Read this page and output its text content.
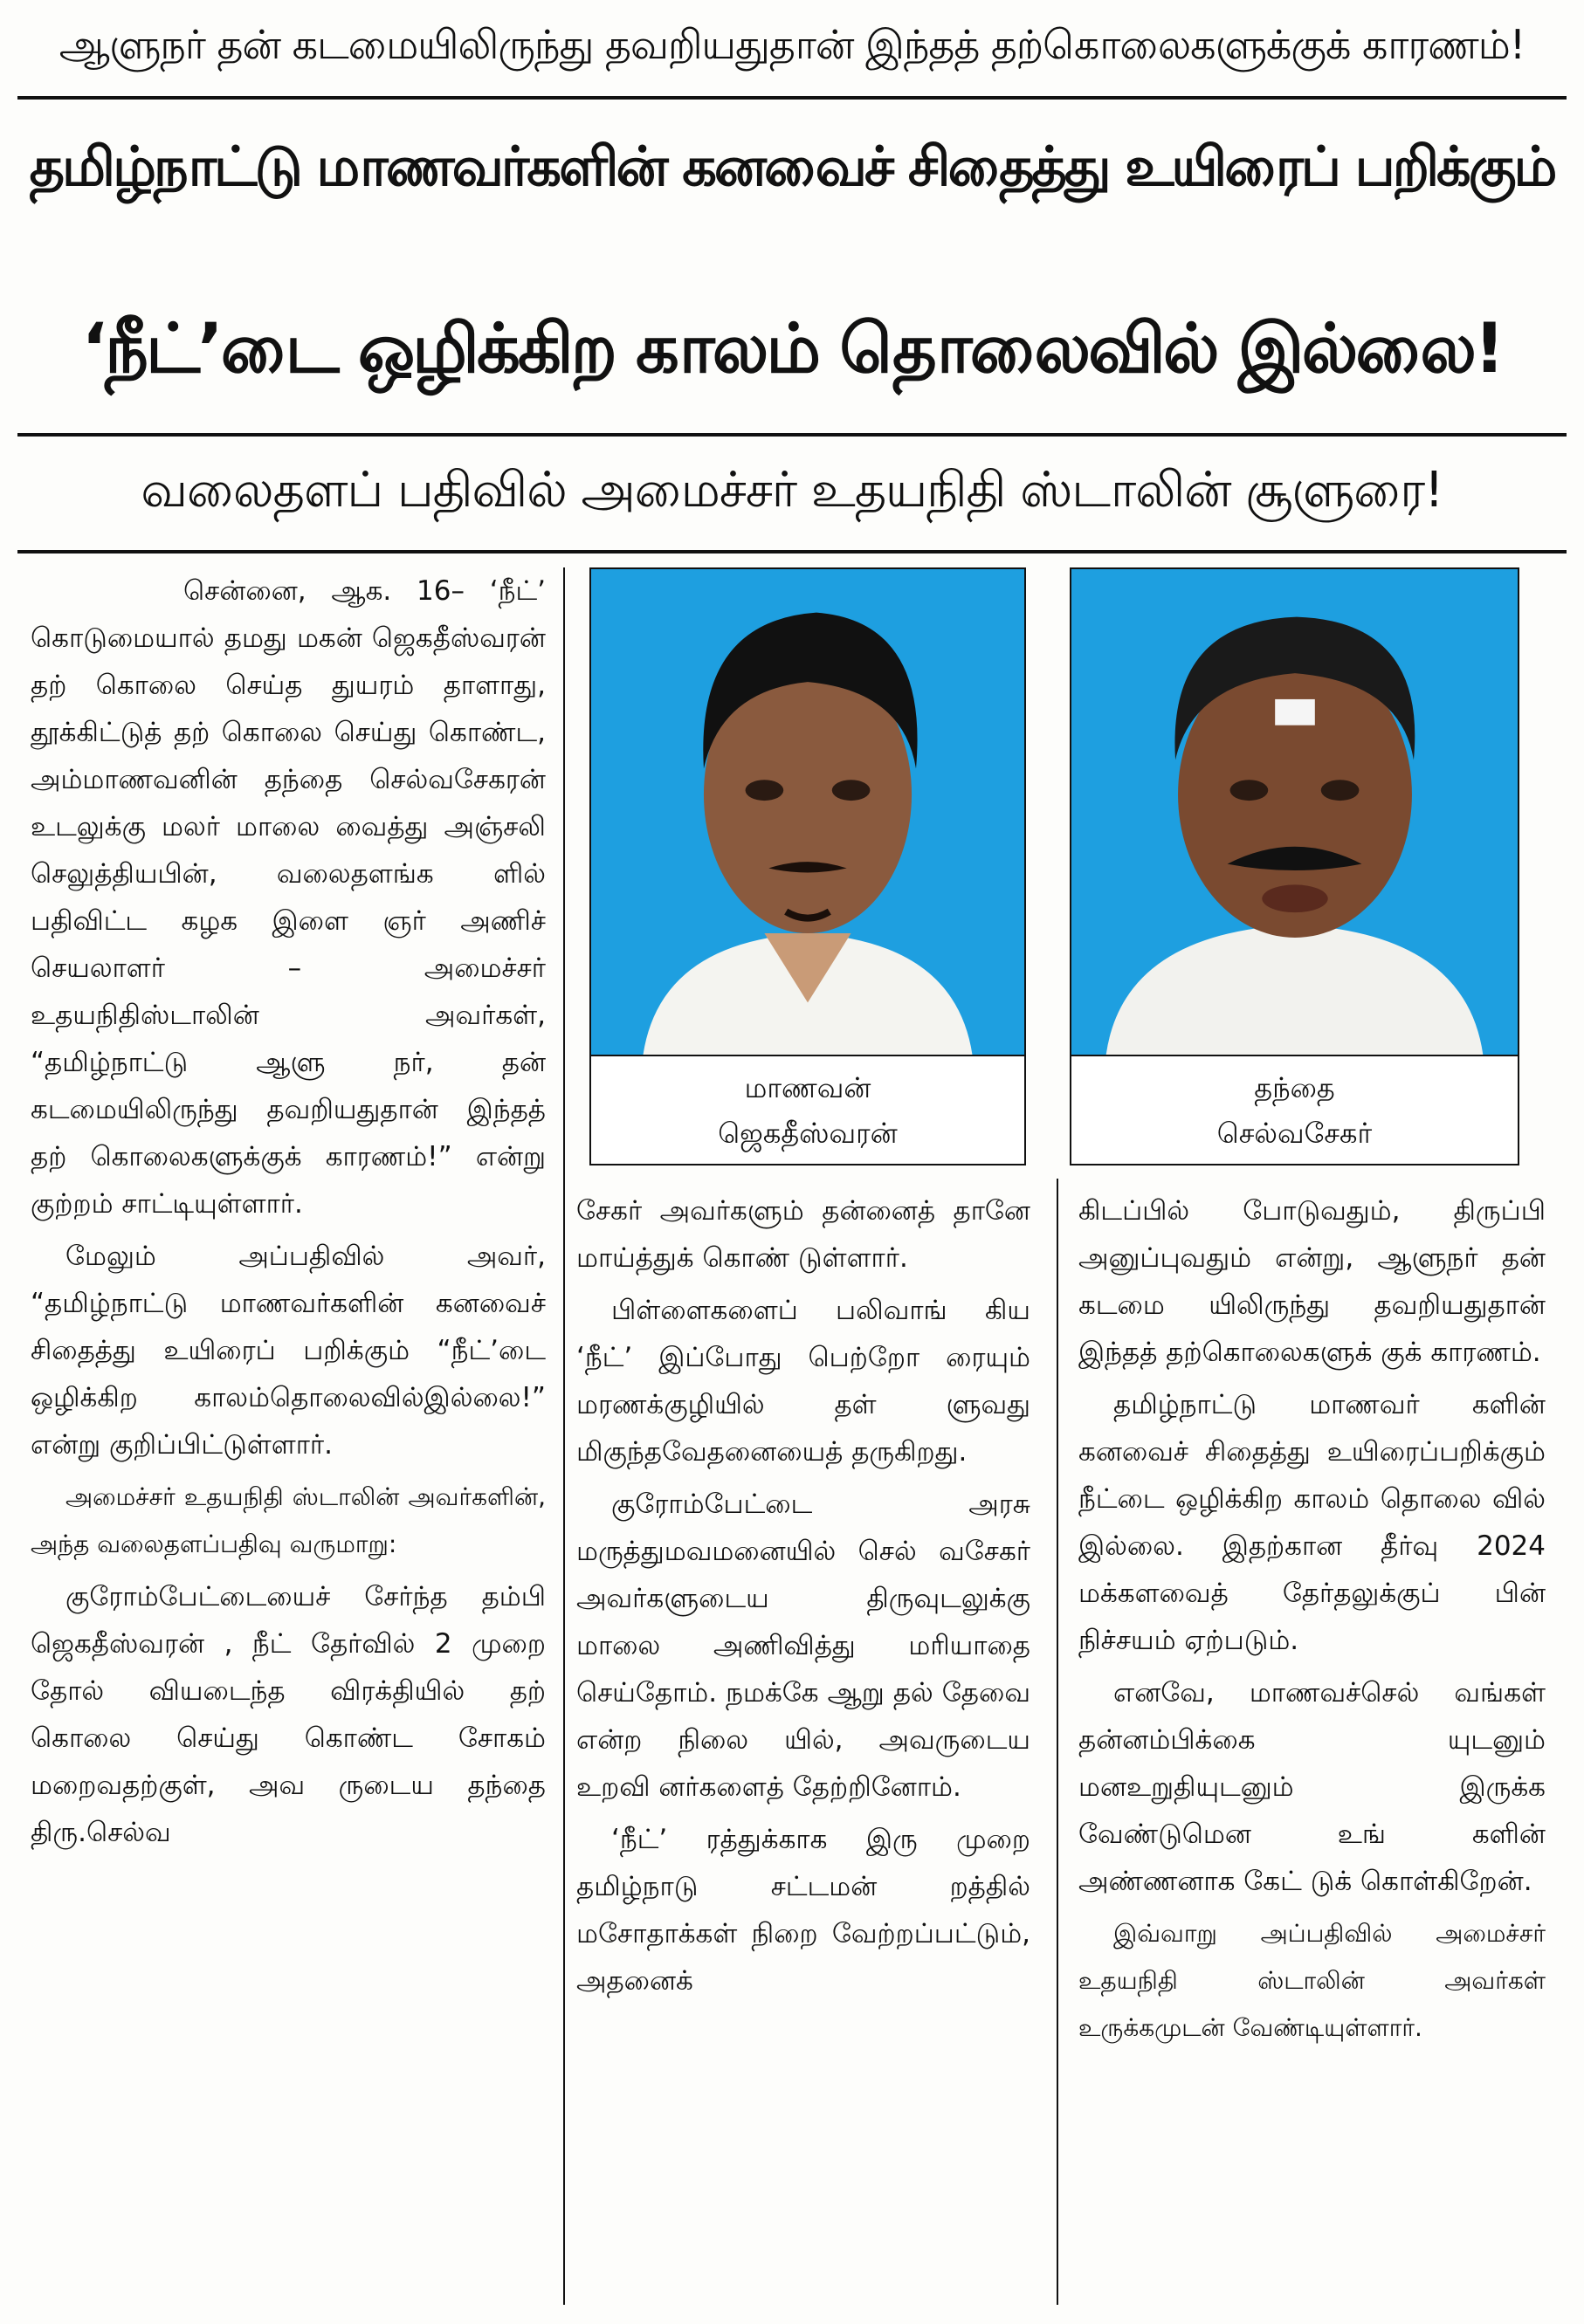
ஆளுநர் தன் கடமையிலிருந்து தவறியதுதான் இந்தத் தற்கொலைகளுக்குக் காரணம்!
தமிழ்நாட்டு மாணவர்களின் கனவைச் சிதைத்து உயிரைப் பறிக்கும்
‘நீட்’டை ஒழிக்கிற காலம் தொலைவில் இல்லை!
வலைதளப் பதிவில் அமைச்சர் உதயநிதி ஸ்டாலின் சூளுரை!
மாணவன்
ஜெகதீஸ்வரன்
தந்தை
செல்வசேகர்

சென்னை, ஆக. 16– ‘நீட்’ கொடுமையால் தமது மகன் ஜெகதீஸ்வரன் தற் கொலை செய்த துயரம் தாளாது, தூக்கிட்டுத் தற் கொலை செய்து கொண்ட, அம்மாணவனின் தந்தை செல்வசேகரன் உடலுக்கு மலர் மாலை வைத்து அஞ்சலி செலுத்தியபின், வலைதளங்க ளில் பதிவிட்ட கழக இளை ஞர் அணிச் செயலாளர் – அமைச்சர் உதயநிதிஸ்டாலின் அவர்கள், “தமிழ்நாட்டு ஆளு நர், தன் கடமையிலிருந்து தவறியதுதான் இந்தத் தற் கொலைகளுக்குக் காரணம்!” என்று குற்றம் சாட்டியுள்ளார்.

மேலும் அப்பதிவில் அவர், “தமிழ்நாட்டு மாணவர்களின் கனவைச் சிதைத்து உயிரைப் பறிக்கும் “நீட்’டை ஒழிக்கிற காலம்தொலைவில்இல்லை!” என்று குறிப்பிட்டுள்ளார்.

அமைச்சர் உதயநிதி ஸ்டாலின் அவர்களின், அந்த வலைதளப்பதிவு வருமாறு:

குரோம்பேட்டையைச் சேர்ந்த தம்பி ஜெகதீஸ்வரன் , நீட் தேர்வில் 2 முறை தோல் வியடைந்த விரக்தியில் தற் கொலை செய்து கொண்ட சோகம் மறைவதற்குள், அவ ருடைய தந்தை திரு.செல்வ

சேகர் அவர்களும் தன்னைத் தானே மாய்த்துக் கொண் டுள்ளார்.

பிள்ளைகளைப் பலிவாங் கிய ‘நீட்’ இப்போது பெற்றோ ரையும் மரணக்குழியில் தள் ளுவது மிகுந்தவேதனையைத் தருகிறது.

குரோம்பேட்டை அரசு மருத்துமவமனையில் செல் வசேகர் அவர்களுடைய திருவுடலுக்கு மாலை அணிவித்து மரியாதை செய்தோம். நமக்கே ஆறு தல் தேவை என்ற நிலை யில், அவருடைய உறவி னர்களைத் தேற்றினோம்.

‘நீட்’ ரத்துக்காக இரு முறை தமிழ்நாடு சட்டமன் றத்தில் மசோதாக்கள் நிறை வேற்றப்பட்டும், அதனைக்

கிடப்பில் போடுவதும், திருப்பி அனுப்புவதும் என்று, ஆளுநர் தன் கடமை யிலிருந்து தவறியதுதான் இந்தத் தற்கொலைகளுக் குக் காரணம்.

தமிழ்நாட்டு மாணவர் களின் கனவைச் சிதைத்து உயிரைப்பறிக்கும் நீட்டை ஒழிக்கிற காலம் தொலை வில் இல்லை. இதற்கான தீர்வு 2024 மக்களவைத் தேர்தலுக்குப் பின் நிச்சயம் ஏற்படும்.

எனவே, மாணவச்செல் வங்கள் தன்னம்பிக்கை யுடனும் மனஉறுதியுடனும் இருக்க வேண்டுமென உங் களின் அண்ணனாக கேட் டுக் கொள்கிறேன்.

இவ்வாறு அப்பதிவில் அமைச்சர் உதயநிதி ஸ்டாலின் அவர்கள் உருக்கமுடன் வேண்டியுள்ளார்.
